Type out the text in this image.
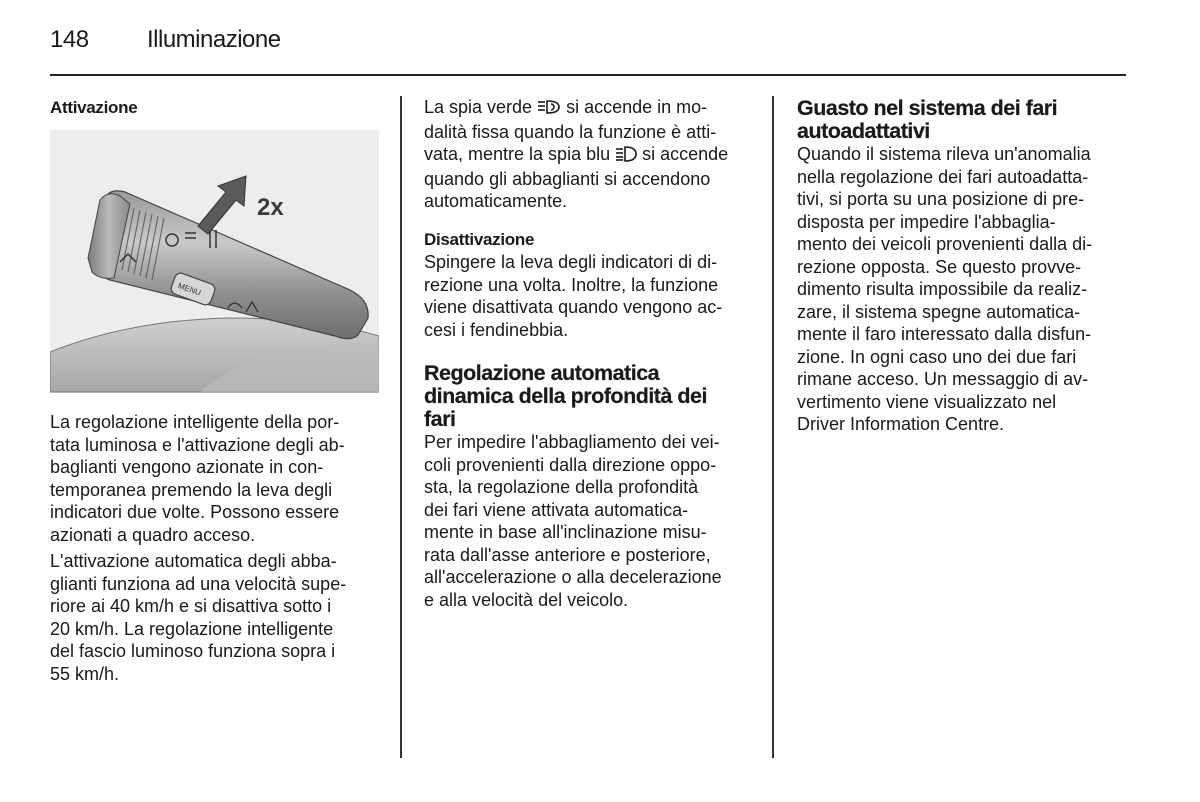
148 Illuminazione
Attivazione
MENU
2x

La regolazione intelligente della por-

tata luminosa e l'attivazione degli ab-

baglianti vengono azionate in con-

temporanea premendo la leva degli

indicatori due volte. Possono essere

azionati a quadro acceso.

L'attivazione automatica degli abba-

glianti funziona ad una velocità supe-

riore ai 40 km/h e si disattiva sotto i

20 km/h. La regolazione intelligente

del fascio luminoso funziona sopra i

55 km/h.

La spia verde  si accende in mo-

dalità fissa quando la funzione è atti-

vata, mentre la spia blu  si accende

quando gli abbaglianti si accendono

automaticamente.

Disattivazione

Spingere la leva degli indicatori di di-

rezione una volta. Inoltre, la funzione

viene disattivata quando vengono ac-

cesi i fendinebbia.

Regolazione automatica
dinamica della profondità dei
fari

Per impedire l'abbagliamento dei vei-

coli provenienti dalla direzione oppo-

sta, la regolazione della profondità

dei fari viene attivata automatica-

mente in base all'inclinazione misu-

rata dall'asse anteriore e posteriore,

all'accelerazione o alla decelerazione

e alla velocità del veicolo.

Guasto nel sistema dei fari
autoadattativi

Quando il sistema rileva un'anomalia

nella regolazione dei fari autoadatta-

tivi, si porta su una posizione di pre-

disposta per impedire l'abbaglia-

mento dei veicoli provenienti dalla di-

rezione opposta. Se questo provve-

dimento risulta impossibile da realiz-

zare, il sistema spegne automatica-

mente il faro interessato dalla disfun-

zione. In ogni caso uno dei due fari

rimane acceso. Un messaggio di av-

vertimento viene visualizzato nel

Driver Information Centre.
